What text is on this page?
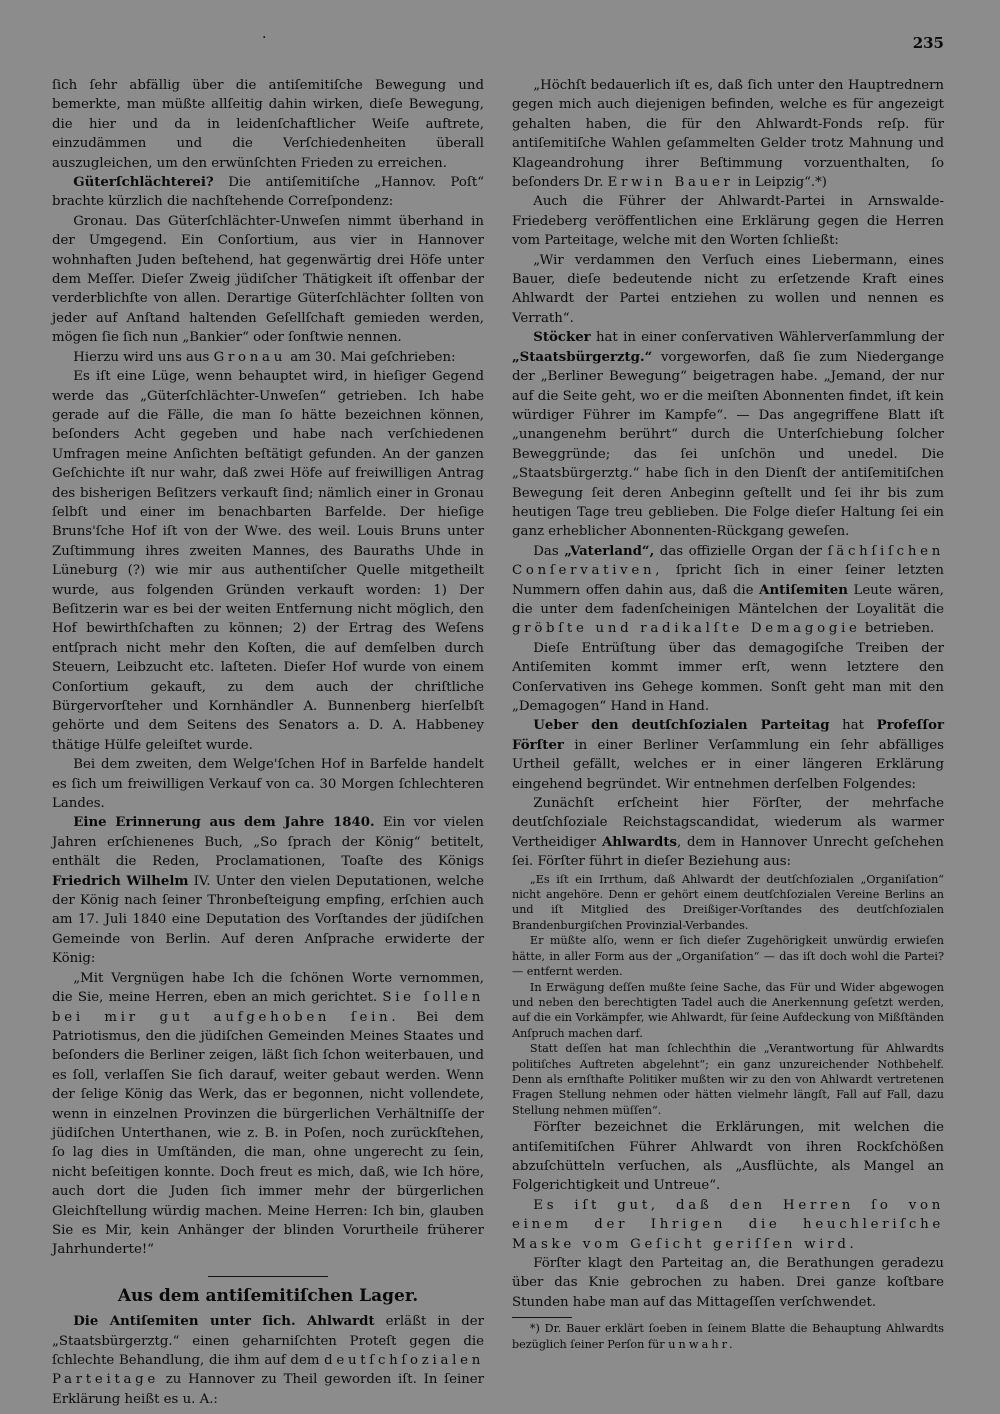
·	235

ſich ſehr abfällig über die antiſemitiſche Bewegung und bemerkte, man müßte allſeitig dahin wirken, dieſe Bewegung, die hier und da in leidenſchaftlicher Weiſe auftrete, einzudämmen und die Verſchiedenheiten überall auszugleichen, um den erwünſchten Frieden zu erreichen.

Güterſchlächterei? Die antiſemitiſche „Hannov. Poſt“ brachte kürzlich die nachſtehende Correſpondenz:

Gronau. Das Güterſchlächter-Unweſen nimmt überhand in der Umgegend. Ein Conſortium, aus vier in Hannover wohnhaften Juden beſtehend, hat gegenwärtig drei Höfe unter dem Meſſer. Dieſer Zweig jüdiſcher Thätigkeit iſt offenbar der verderblichſte von allen. Derartige Güterſchlächter ſollten von jeder auf Anſtand haltenden Geſellſchaft gemieden werden, mögen ſie ſich nun „Bankier“ oder ſonſtwie nennen.

Hierzu wird uns aus Gronau am 30. Mai geſchrieben:

Es iſt eine Lüge, wenn behauptet wird, in hieſiger Gegend werde das „Güterſchlächter-Unweſen“ getrieben. Ich habe gerade auf die Fälle, die man ſo hätte bezeichnen können, beſonders Acht gegeben und habe nach verſchiedenen Umfragen meine Anſichten beſtätigt gefunden. An der ganzen Geſchichte iſt nur wahr, daß zwei Höfe auf freiwilligen Antrag des bisherigen Beſitzers verkauft ſind; nämlich einer in Gronau ſelbſt und einer im benachbarten Barfelde. Der hieſige Bruns'ſche Hof iſt von der Wwe. des weil. Louis Bruns unter Zuſtimmung ihres zweiten Mannes, des Bauraths Uhde in Lüneburg (?) wie mir aus authentiſcher Quelle mitgetheilt wurde, aus folgenden Gründen verkauft worden: 1) Der Beſitzerin war es bei der weiten Entfernung nicht möglich, den Hof bewirthſchaften zu können; 2) der Ertrag des Weſens entſprach nicht mehr den Koſten, die auf demſelben durch Steuern, Leibzucht etc. laſteten. Dieſer Hof wurde von einem Conſortium gekauft, zu dem auch der chriſtliche Bürgervorſteher und Kornhändler A. Bunnenberg hierſelbſt gehörte und dem Seitens des Senators a. D. A. Habbeney thätige Hülfe geleiſtet wurde.

Bei dem zweiten, dem Welge'ſchen Hof in Barfelde handelt es ſich um freiwilligen Verkauf von ca. 30 Morgen ſchlechteren Landes.

Eine Erinnerung aus dem Jahre 1840. Ein vor vielen Jahren erſchienenes Buch, „So ſprach der König“ betitelt, enthält die Reden, Proclamationen, Toaſte des Königs Friedrich Wilhelm IV. Unter den vielen Deputationen, welche der König nach ſeiner Thronbeſteigung empfing, erſchien auch am 17. Juli 1840 eine Deputation des Vorſtandes der jüdiſchen Gemeinde von Berlin. Auf deren Anſprache erwiderte der König:

„Mit Vergnügen habe Ich die ſchönen Worte vernommen, die Sie, meine Herren, eben an mich gerichtet. Sie ſollen bei mir gut aufgehoben ſein. Bei dem Patriotismus, den die jüdiſchen Gemeinden Meines Staates und beſonders die Berliner zeigen, läßt ſich ſchon weiterbauen, und es ſoll, verlaſſen Sie ſich darauf, weiter gebaut werden. Wenn der ſelige König das Werk, das er begonnen, nicht vollendete, wenn in einzelnen Provinzen die bürgerlichen Verhältniſſe der jüdiſchen Unterthanen, wie z. B. in Poſen, noch zurückſtehen, ſo lag dies in Umſtänden, die man, ohne ungerecht zu ſein, nicht beſeitigen konnte. Doch freut es mich, daß, wie Ich höre, auch dort die Juden ſich immer mehr der bürgerlichen Gleichſtellung würdig machen. Meine Herren: Ich bin, glauben Sie es Mir, kein Anhänger der blinden Vorurtheile früherer Jahrhunderte!“

Aus dem antiſemitiſchen Lager.

Die Antiſemiten unter ſich. Ahlwardt erläßt in der „Staatsbürgerztg.“ einen geharniſchten Proteſt gegen die ſchlechte Behandlung, die ihm auf dem deutſchſozialen Parteitage zu Hannover zu Theil geworden iſt. In ſeiner Erklärung heißt es u. A.:

„Höchſt bedauerlich iſt es, daß ſich unter den Hauptrednern gegen mich auch diejenigen befinden, welche es für angezeigt gehalten haben, die für den Ahlwardt-Fonds reſp. für antiſemitiſche Wahlen geſammelten Gelder trotz Mahnung und Klageandrohung ihrer Beſtimmung vorzuenthalten, ſo beſonders Dr. Erwin Bauer in Leipzig“.*)

Auch die Führer der Ahlwardt-Partei in Arnswalde-Friedeberg veröffentlichen eine Erklärung gegen die Herren vom Parteitage, welche mit den Worten ſchließt:

„Wir verdammen den Verſuch eines Liebermann, eines Bauer, dieſe bedeutende nicht zu erſetzende Kraft eines Ahlwardt der Partei entziehen zu wollen und nennen es Verrath“.

Stöcker hat in einer conſervativen Wählerverſammlung der „Staatsbürgerztg.“ vorgeworfen, daß ſie zum Niedergange der „Berliner Bewegung“ beigetragen habe. „Jemand, der nur auf die Seite geht, wo er die meiſten Abonnenten findet, iſt kein würdiger Führer im Kampfe“. — Das angegriffene Blatt iſt „unangenehm berührt“ durch die Unterſchiebung ſolcher Beweggründe; das ſei unſchön und unedel. Die „Staatsbürgerztg.“ habe ſich in den Dienſt der antiſemitiſchen Bewegung ſeit deren Anbeginn geſtellt und ſei ihr bis zum heutigen Tage treu geblieben. Die Folge dieſer Haltung ſei ein ganz erheblicher Abonnenten-Rückgang geweſen.

Das „Vaterland“, das offizielle Organ der ſächſiſchen Conſervativen, ſpricht ſich in einer ſeiner letzten Nummern offen dahin aus, daß die Antiſemiten Leute wären, die unter dem fadenſcheinigen Mäntelchen der Loyalität die gröbſte und radikalſte Demagogie betrieben.

Dieſe Entrüſtung über das demagogiſche Treiben der Antiſemiten kommt immer erſt, wenn letztere den Conſervativen ins Gehege kommen. Sonſt geht man mit den „Demagogen“ Hand in Hand.

Ueber den deutſchſozialen Parteitag hat Profeſſor Förſter in einer Berliner Verſammlung ein ſehr abfälliges Urtheil gefällt, welches er in einer längeren Erklärung eingehend begründet. Wir entnehmen derſelben Folgendes:

Zunächſt erſcheint hier Förſter, der mehrfache deutſchſoziale Reichstagscandidat, wiederum als warmer Vertheidiger Ahlwardts, dem in Hannover Unrecht geſchehen ſei. Förſter führt in dieſer Beziehung aus:

„Es iſt ein Irrthum, daß Ahlwardt der deutſchſozialen „Organiſation“ nicht angehöre. Denn er gehört einem deutſchſozialen Vereine Berlins an und iſt Mitglied des Dreißiger-Vorſtandes des deutſchſozialen Brandenburgiſchen Provinzial-Verbandes.

Er müßte alſo, wenn er ſich dieſer Zugehörigkeit unwürdig erwieſen hätte, in aller Form aus der „Organiſation“ — das iſt doch wohl die Partei? — entfernt werden.

In Erwägung deſſen mußte ſeine Sache, das Für und Wider abgewogen und neben den berechtigten Tadel auch die Anerkennung geſetzt werden, auf die ein Vorkämpfer, wie Ahlwardt, für ſeine Aufdeckung von Mißſtänden Anſpruch machen darf.

Statt deſſen hat man ſchlechthin die „Verantwortung für Ahlwardts politiſches Auftreten abgelehnt“; ein ganz unzureichender Nothbehelf. Denn als ernſthafte Politiker mußten wir zu den von Ahlwardt vertretenen Fragen Stellung nehmen oder hätten vielmehr längſt, Fall auf Fall, dazu Stellung nehmen müſſen“.

Förſter bezeichnet die Erklärungen, mit welchen die antiſemitiſchen Führer Ahlwardt von ihren Rockſchößen abzuſchütteln verſuchen, als „Ausflüchte, als Mangel an Folgerichtigkeit und Untreue“.

Es iſt gut, daß den Herren ſo von einem der Ihrigen die heuchleriſche Maske vom Geſicht geriſſen wird.

Förſter klagt den Parteitag an, die Berathungen geradezu über das Knie gebrochen zu haben. Drei ganze koſtbare Stunden habe man auf das Mittageſſen verſchwendet.

*) Dr. Bauer erklärt ſoeben in ſeinem Blatte die Behauptung Ahlwardts bezüglich ſeiner Perſon für unwahr.
